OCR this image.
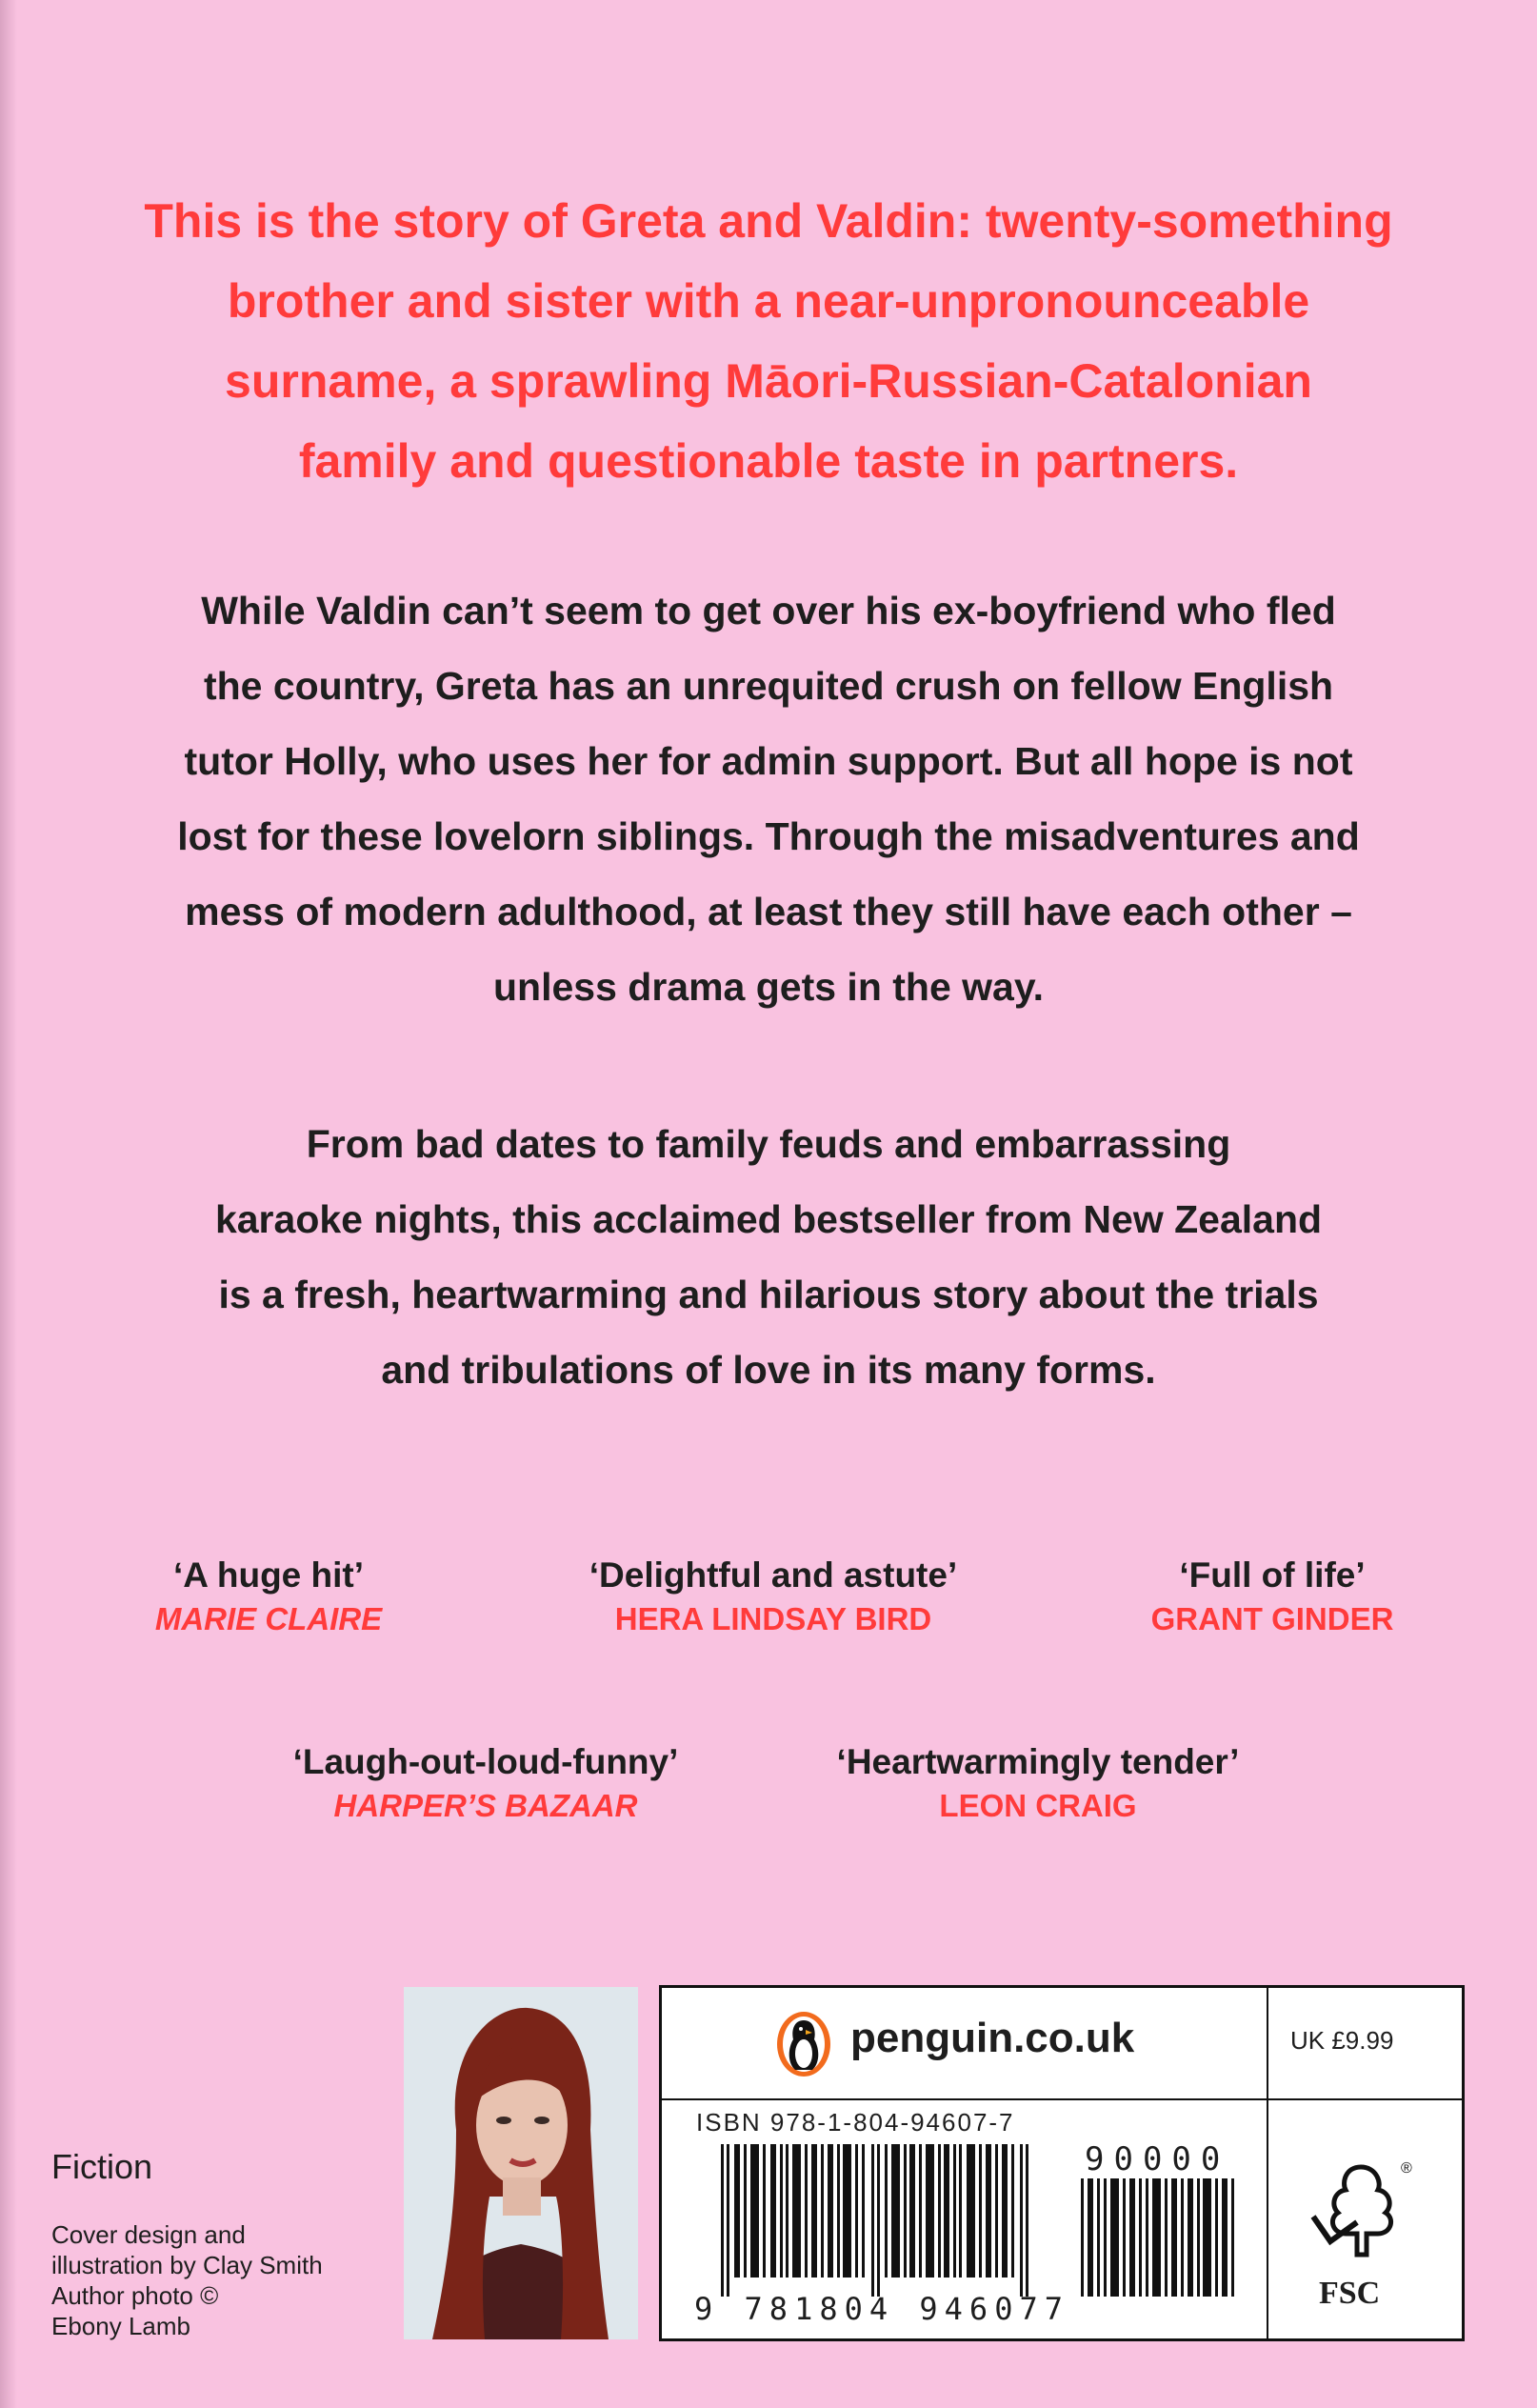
This is the story of Greta and Valdin: twenty-something
brother and sister with a near-unpronounceable
surname, a sprawling Māori-Russian-Catalonian
family and questionable taste in partners.
While Valdin can’t seem to get over his ex-boyfriend who fled
the country, Greta has an unrequited crush on fellow English
tutor Holly, who uses her for admin support. But all hope is not
lost for these lovelorn siblings. Through the misadventures and
mess of modern adulthood, at least they still have each other –
unless drama gets in the way.
From bad dates to family feuds and embarrassing
karaoke nights, this acclaimed bestseller from New Zealand
is a fresh, heartwarming and hilarious story about the trials
and tribulations of love in its many forms.
‘A huge hit’
MARIE CLAIRE
‘Delightful and astute’
HERA LINDSAY BIRD
‘Full of life’
GRANT GINDER
‘Laugh-out-loud-funny’
HARPER’S BAZAAR
‘Heartwarmingly tender’
LEON CRAIG
Fiction
Cover design and
illustration by Clay Smith
Author photo ©
Ebony Lamb
penguin.co.uk	UK £9.99
ISBN 978-1-804-94607-7
90000
9 781804 946077
®
FSC
